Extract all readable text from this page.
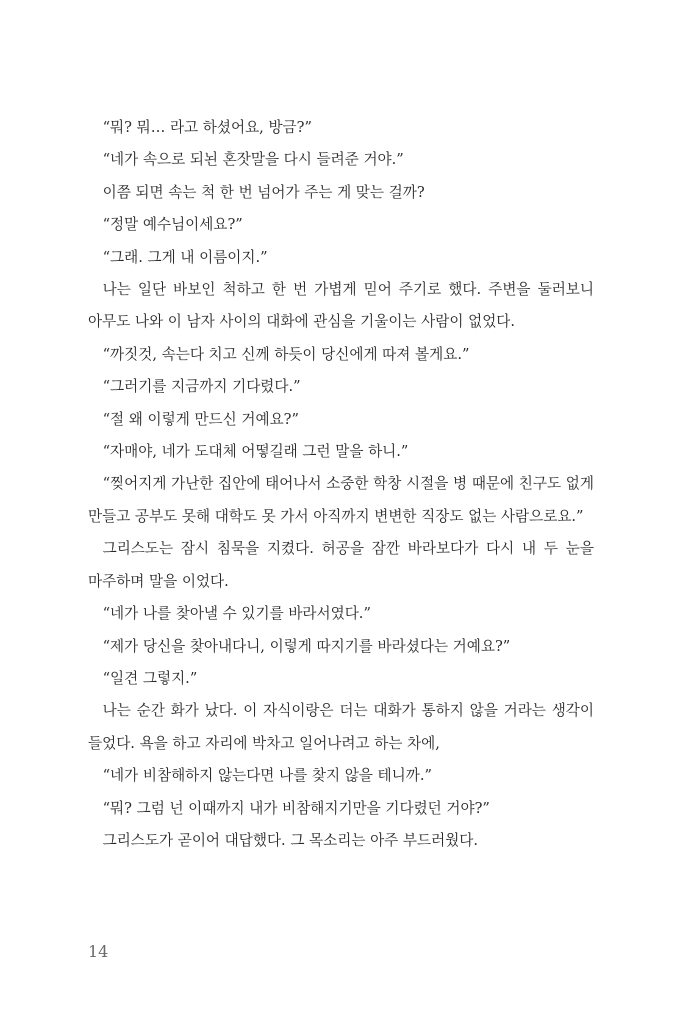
“뭐? 뭐… 라고 하셨어요, 방금?”

“네가 속으로 되뇐 혼잣말을 다시 들려준 거야.”

이쯤 되면 속는 척 한 번 넘어가 주는 게 맞는 걸까?

“정말 예수님이세요?”

“그래. 그게 내 이름이지.”

나는 일단 바보인 척하고 한 번 가볍게 믿어 주기로 했다. 주변을 둘러보니 아무도 나와 이 남자 사이의 대화에 관심을 기울이는 사람이 없었다.

“까짓것, 속는다 치고 신께 하듯이 당신에게 따져 볼게요.”

“그러기를 지금까지 기다렸다.”

“절 왜 이렇게 만드신 거예요?”

“자매야, 네가 도대체 어떻길래 그런 말을 하니.”

“찢어지게 가난한 집안에 태어나서 소중한 학창 시절을 병 때문에 친구도 없게 만들고 공부도 못해 대학도 못 가서 아직까지 변변한 직장도 없는 사람으로요.”

그리스도는 잠시 침묵을 지켰다. 허공을 잠깐 바라보다가 다시 내 두 눈을 마주하며 말을 이었다.

“네가 나를 찾아낼 수 있기를 바라서였다.”

“제가 당신을 찾아내다니, 이렇게 따지기를 바라셨다는 거예요?”

“일견 그렇지.”

나는 순간 화가 났다. 이 자식이랑은 더는 대화가 통하지 않을 거라는 생각이 들었다. 욕을 하고 자리에 박차고 일어나려고 하는 차에,

“네가 비참해하지 않는다면 나를 찾지 않을 테니까.”

“뭐? 그럼 넌 이때까지 내가 비참해지기만을 기다렸던 거야?”

그리스도가 곧이어 대답했다. 그 목소리는 아주 부드러웠다.

14
